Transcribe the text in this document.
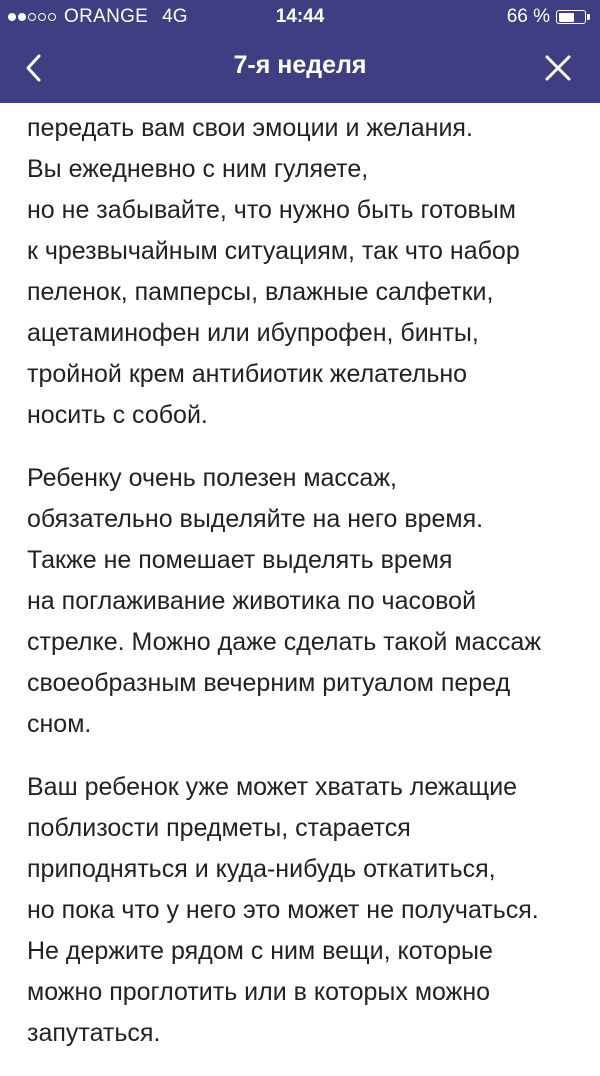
ORANGE 4G	14:44	66 %
7-я неделя

передать вам свои эмоции и желания.
Вы ежедневно с ним гуляете,
но не забывайте, что нужно быть готовым
к чрезвычайным ситуациям, так что набор
пеленок, памперсы, влажные салфетки,
ацетаминофен или ибупрофен, бинты,
тройной крем антибиотик желательно
носить с собой.

Ребенку очень полезен массаж,
обязательно выделяйте на него время.
Также не помешает выделять время
на поглаживание животика по часовой
стрелке. Можно даже сделать такой массаж
своеобразным вечерним ритуалом перед
сном.

Ваш ребенок уже может хватать лежащие
поблизости предметы, старается
приподняться и куда-нибудь откатиться,
но пока что у него это может не получаться.
Не держите рядом с ним вещи, которые
можно проглотить или в которых можно
запутаться.
